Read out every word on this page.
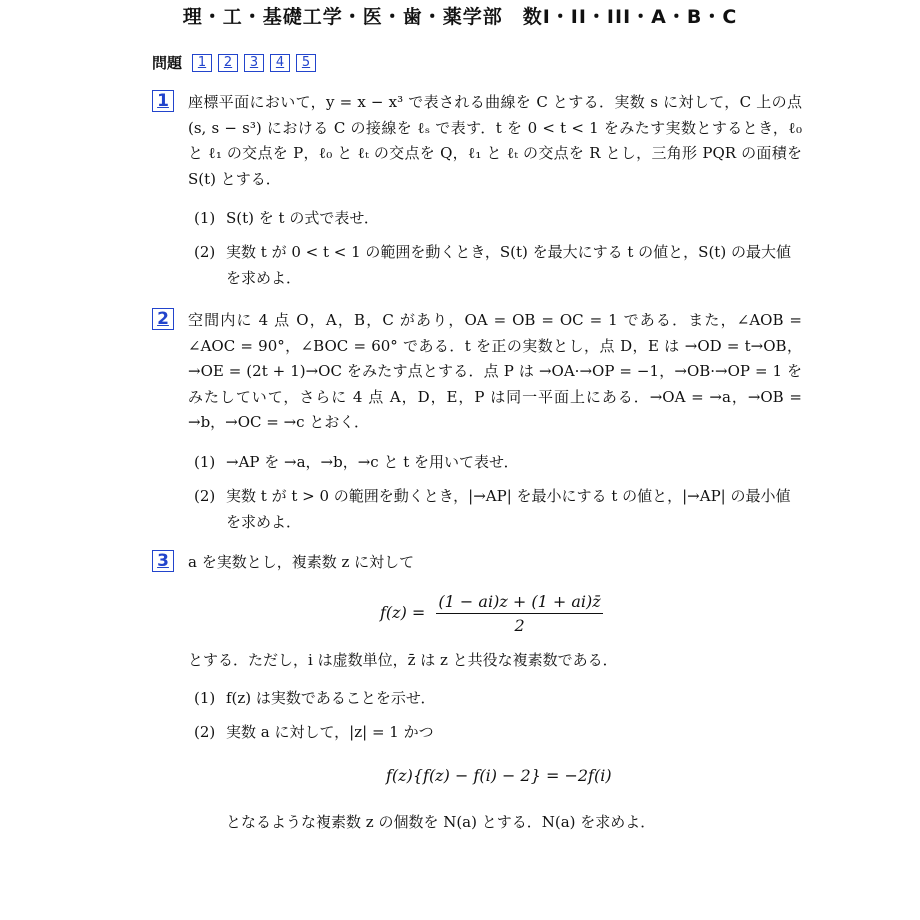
理・工・基礎工学・医・歯・薬学部　数I・II・III・A・B・C
問題	1	2	3	4	5
1	座標平面において，y = x − x³ で表される曲線を C とする．実数 s に対して，C 上の点 (s, s − s³) における C の接線を ℓₛ で表す．t を 0 < t < 1 をみたす実数とするとき，ℓ₀ と ℓ₁ の交点を P，ℓ₀ と ℓₜ の交点を Q，ℓ₁ と ℓₜ の交点を R とし，三角形 PQR の面積を S(t) とする．
(1) S(t) を t の式で表せ．
(2) 実数 t が 0 < t < 1 の範囲を動くとき，S(t) を最大にする t の値と，S(t) の最大値を求めよ．
2	空間内に 4 点 O，A，B，C があり，OA = OB = OC = 1 である．また，∠AOB = ∠AOC = 90°，∠BOC = 60° である．t を正の実数とし，点 D，E は →OD = t→OB，→OE = (2t + 1)→OC をみたす点とする．点 P は →OA·→OP = −1，→OB·→OP = 1 をみたしていて，さらに 4 点 A，D，E，P は同一平面上にある．→OA = →a，→OB = →b，→OC = →c とおく．
(1) →AP を →a，→b，→c と t を用いて表せ．
(2) 実数 t が t > 0 の範囲を動くとき，|→AP| を最小にする t の値と，|→AP| の最小値を求めよ．
3	a を実数とし，複素数 z に対して
$f(z) = \frac{(1 - ai)z + (1 + ai)z̄}{2}$
とする．ただし，i は虚数単位，z̄ は z と共役な複素数である．
(1) f(z) は実数であることを示せ．
(2) 実数 a に対して，|z| = 1 かつ
f(z){f(z) − f(i) − 2} = −2f(i)
となるような複素数 z の個数を N(a) とする．N(a) を求めよ．
